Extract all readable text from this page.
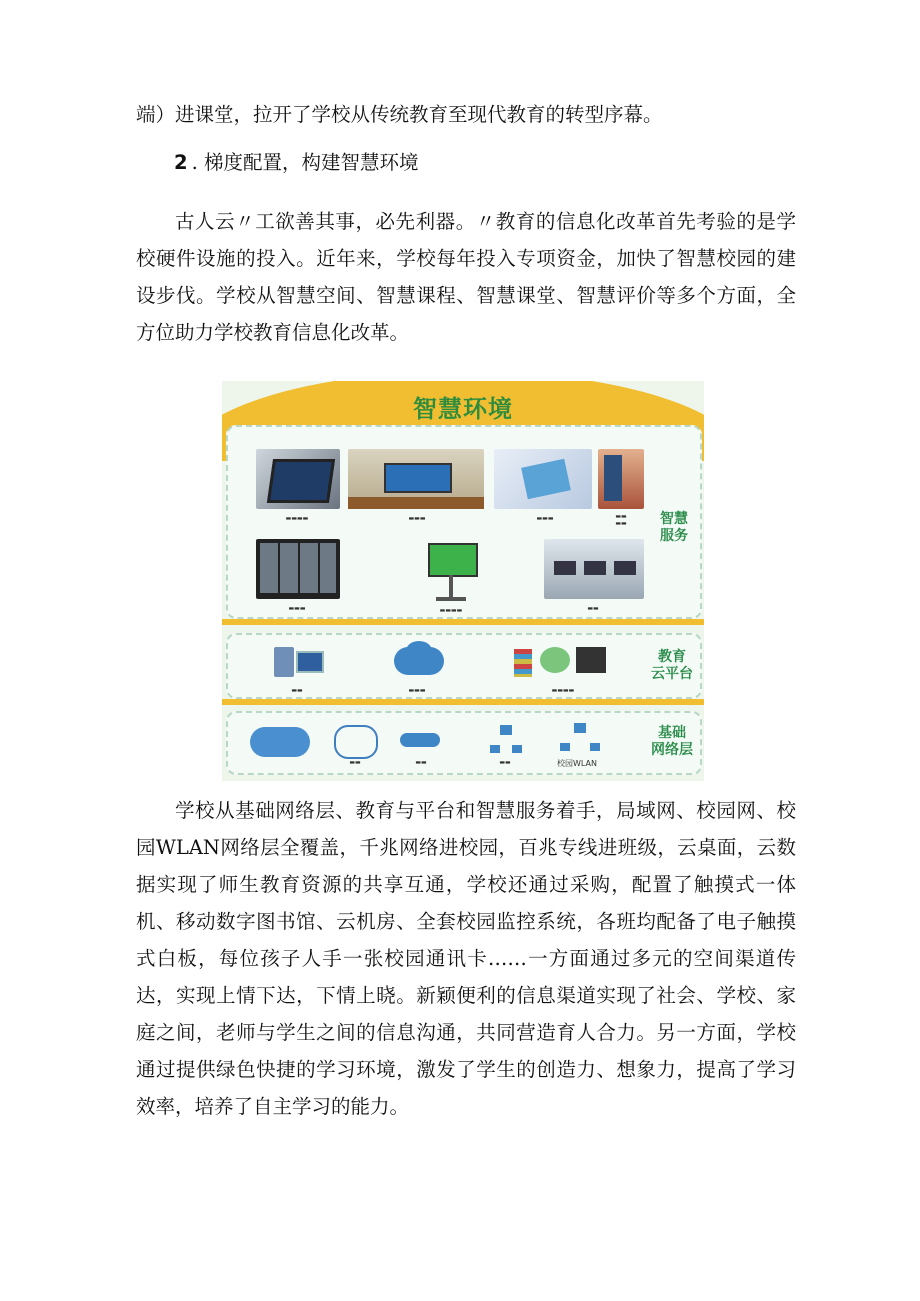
端）进课堂，拉开了学校从传统教育至现代教育的转型序幕。

2 . 梯度配置，构建智慧环境

古人云〃工欲善其事，必先利器。〃教育的信息化改革首先考验的是学校硬件设施的投入。近年来，学校每年投入专项资金，加快了智慧校园的建设步伐。学校从智慧空间、智慧课程、智慧课堂、智慧评价等多个方面，全方位助力学校教育信息化改革。

智慧环境
▬▬▬▬	▬▬▬	▬▬▬	▬▬
▬▬
▬▬▬	▬▬▬▬	▬▬
智慧
服务
▬▬	▬▬▬	▬▬▬▬
教育
云平台
▬▬	▬▬	▬▬	校园WLAN
基础
网络层

学校从基础网络层、教育与平台和智慧服务着手，局域网、校园网、校园WLAN网络层全覆盖，千兆网络进校园，百兆专线进班级，云桌面，云数据实现了师生教育资源的共享互通，学校还通过采购，配置了触摸式一体机、移动数字图书馆、云机房、全套校园监控系统，各班均配备了电子触摸式白板，每位孩子人手一张校园通讯卡……一方面通过多元的空间渠道传达，实现上情下达，下情上晓。新颖便利的信息渠道实现了社会、学校、家庭之间，老师与学生之间的信息沟通，共同营造育人合力。另一方面，学校通过提供绿色快捷的学习环境，激发了学生的创造力、想象力，提高了学习效率，培养了自主学习的能力。
